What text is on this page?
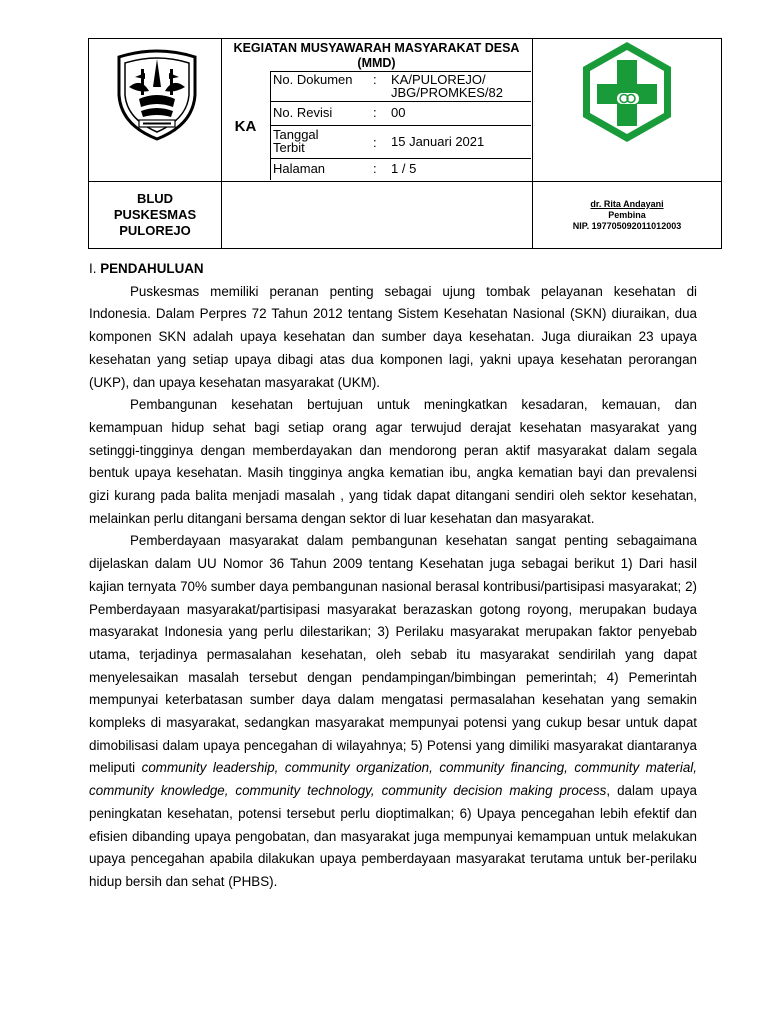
KEGIATAN MUSYAWARAH MASYARAKAT DESA (MMD)
KA
No. Dokumen : KA/PULOREJO/ JBG/PROMKES/82
No. Revisi	: 00
Tanggal Terbit	: 15 Januari 2021
Halaman	: 1 / 5
BLUD
PUSKESMAS
PULOREJO
dr. Rita Andayani
Pembina
NIP. 197705092011012003

I. PENDAHULUAN

Puskesmas memiliki peranan penting sebagai ujung tombak pelayanan kesehatan di Indonesia. Dalam Perpres 72 Tahun 2012 tentang Sistem Kesehatan Nasional (SKN) diuraikan, dua komponen SKN adalah upaya kesehatan dan sumber daya kesehatan. Juga diuraikan 23 upaya kesehatan yang setiap upaya dibagi atas dua komponen lagi, yakni upaya kesehatan perorangan (UKP), dan upaya kesehatan masyarakat (UKM).

Pembangunan kesehatan bertujuan untuk meningkatkan kesadaran, kemauan, dan kemampuan hidup sehat bagi setiap orang agar terwujud derajat kesehatan masyarakat yang setinggi-tingginya dengan memberdayakan dan mendorong peran aktif masyarakat dalam segala bentuk upaya kesehatan. Masih tingginya angka kematian ibu, angka kematian bayi dan prevalensi gizi kurang pada balita menjadi masalah , yang tidak dapat ditangani sendiri oleh sektor kesehatan, melainkan perlu ditangani bersama dengan sektor di luar kesehatan dan masyarakat.

Pemberdayaan masyarakat dalam pembangunan kesehatan sangat penting sebagaimana dijelaskan dalam UU Nomor 36 Tahun 2009 tentang Kesehatan juga sebagai berikut 1) Dari hasil kajian ternyata 70% sumber daya pembangunan nasional berasal kontribusi/partisipasi masyarakat; 2) Pemberdayaan masyarakat/partisipasi masyarakat berazaskan gotong royong, merupakan budaya masyarakat Indonesia yang perlu dilestarikan; 3) Perilaku masyarakat merupakan faktor penyebab utama, terjadinya permasalahan kesehatan, oleh sebab itu masyarakat sendirilah yang dapat menyelesaikan masalah tersebut dengan pendampingan/bimbingan pemerintah; 4) Pemerintah mempunyai keterbatasan sumber daya dalam mengatasi permasalahan kesehatan yang semakin kompleks di masyarakat, sedangkan masyarakat mempunyai potensi yang cukup besar untuk dapat dimobilisasi dalam upaya pencegahan di wilayahnya; 5) Potensi yang dimiliki masyarakat diantaranya meliputi community leadership, community organization, community financing, community material, community knowledge, community technology, community decision making process, dalam upaya peningkatan kesehatan, potensi tersebut perlu dioptimalkan; 6) Upaya pencegahan lebih efektif dan efisien dibanding upaya pengobatan, dan masyarakat juga mempunyai kemampuan untuk melakukan upaya pencegahan apabila dilakukan upaya pemberdayaan masyarakat terutama untuk ber-perilaku hidup bersih dan sehat (PHBS).
